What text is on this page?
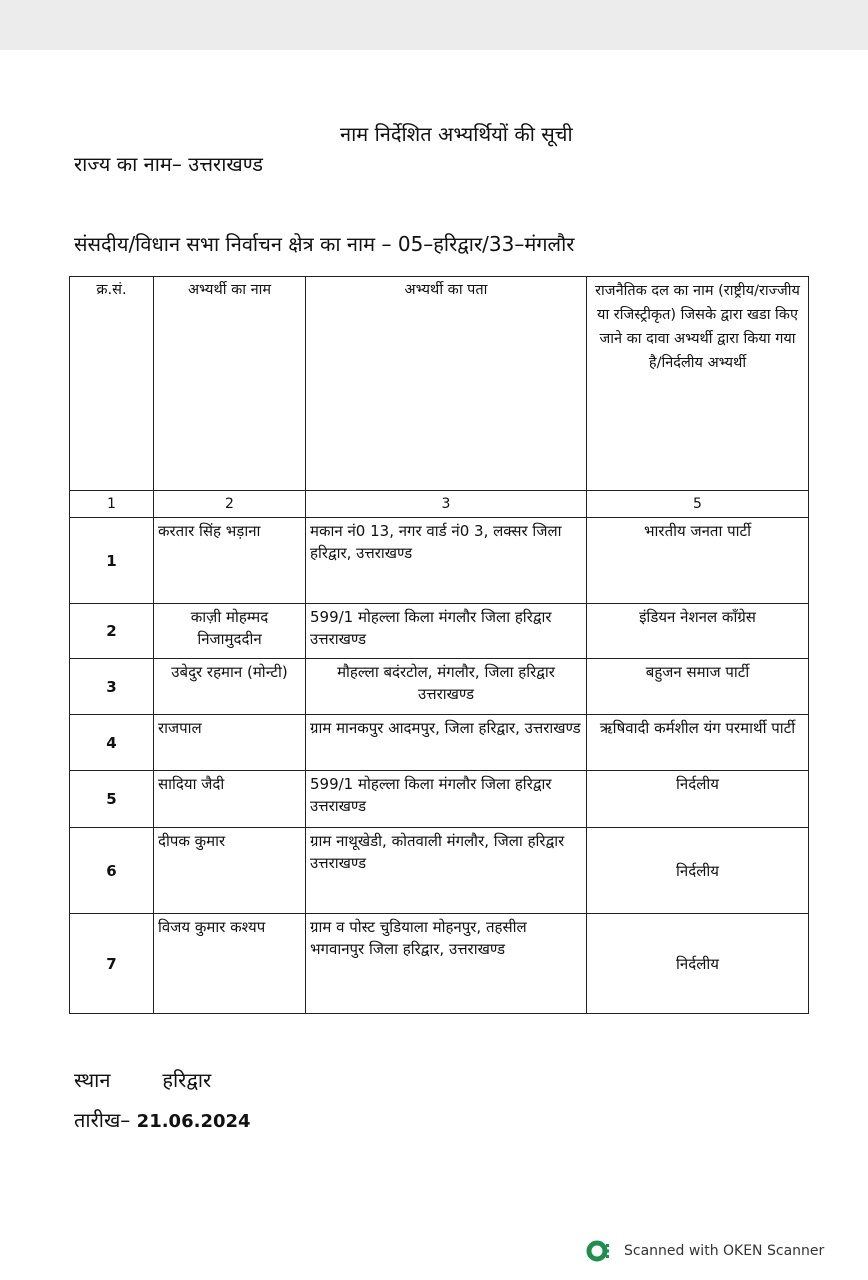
नाम निर्देशित अभ्यर्थियों की सूची
राज्य का नाम– उत्तराखण्ड
संसदीय/विधान सभा निर्वाचन क्षेत्र का नाम – 05–हरिद्वार/33–मंगलौर
क्र.सं.	अभ्यर्थी का नाम	अभ्यर्थी का पता	राजनैतिक दल का नाम (राष्ट्रीय/राज्जीय या रजिस्ट्रीकृत) जिसके द्वारा खडा किए जाने का दावा अभ्यर्थी द्वारा किया गया है/निर्दलीय अभ्यर्थी
1	2	3	5
1	करतार सिंह भड़ाना	मकान नं0 13, नगर वार्ड नं0 3, लक्सर जिला हरिद्वार, उत्तराखण्ड	भारतीय जनता पार्टी
2	काज़ी मोहम्मद निजामुददीन	599/1 मोहल्ला किला मंगलौर जिला हरिद्वार उत्तराखण्ड	इंडियन नेशनल काँग्रेस
3	उबेदुर रहमान (मोन्टी)	मौहल्ला बदंरटोल, मंगलौर, जिला हरिद्वार उत्तराखण्ड	बहुजन समाज पार्टी
4	राजपाल	ग्राम मानकपुर आदमपुर, जिला हरिद्वार, उत्तराखण्ड	ऋषिवादी कर्मशील यंग परमार्थी पार्टी
5	सादिया जैदी	599/1 मोहल्ला किला मंगलौर जिला हरिद्वार उत्तराखण्ड	निर्दलीय
6	दीपक कुमार	ग्राम नाथूखेडी, कोतवाली मंगलौर, जिला हरिद्वार उत्तराखण्ड	निर्दलीय
7	विजय कुमार कश्यप	ग्राम व पोस्ट चुडियाला मोहनपुर, तहसील भगवानपुर जिला हरिद्वार, उत्तराखण्ड	निर्दलीय
स्थान	हरिद्वार
तारीख– 21.06.2024
Scanned with OKEN Scanner
